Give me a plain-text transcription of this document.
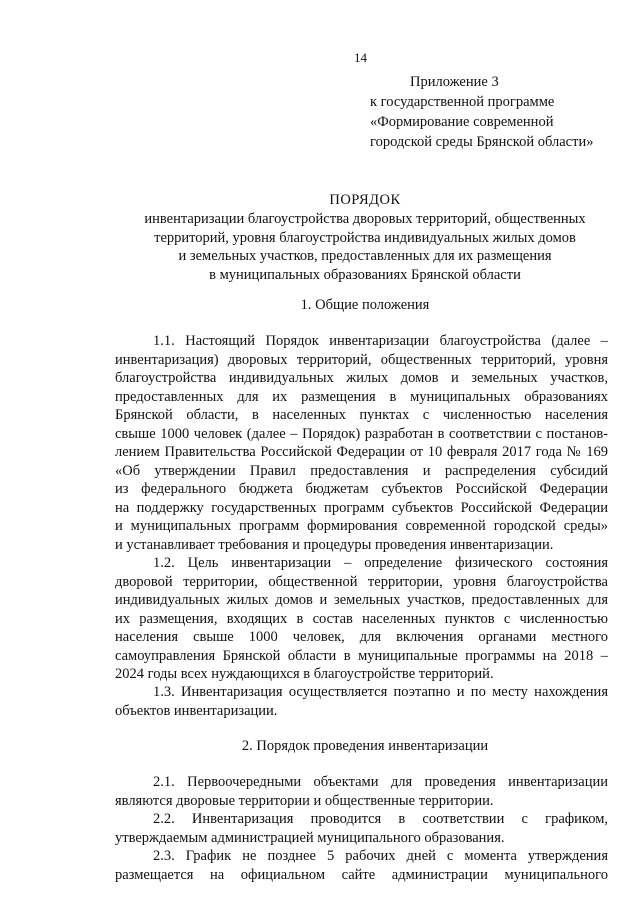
14
Приложение 3
к государственной программе
«Формирование современной
городской среды Брянской области»
ПОРЯДОК
инвентаризации благоустройства дворовых территорий, общественных
территорий, уровня благоустройства индивидуальных жилых домов
и земельных участков, предоставленных для их размещения
в муниципальных образованиях Брянской области
1. Общие положения
1.1. Настоящий Порядок инвентаризации благоустройства (далее –
инвентаризация) дворовых территорий, общественных территорий, уровня
благоустройства индивидуальных жилых домов и земельных участков,
предоставленных для их размещения в муниципальных образованиях
Брянской области, в населенных пунктах с численностью населения
свыше 1000 человек (далее – Порядок) разработан в соответствии с постанов-
лением Правительства Российской Федерации от 10 февраля 2017 года № 169
«Об утверждении Правил предоставления и распределения субсидий
из федерального бюджета бюджетам субъектов Российской Федерации
на поддержку государственных программ субъектов Российской Федерации
и муниципальных программ формирования современной городской среды»
и устанавливает требования и процедуры проведения инвентаризации.
1.2. Цель инвентаризации – определение физического состояния
дворовой территории, общественной территории, уровня благоустройства
индивидуальных жилых домов и земельных участков, предоставленных для
их размещения, входящих в состав населенных пунктов с численностью
населения свыше 1000 человек, для включения органами местного
самоуправления Брянской области в муниципальные программы на 2018 –
2024 годы всех нуждающихся в благоустройстве территорий.
1.3. Инвентаризация осуществляется поэтапно и по месту нахождения
объектов инвентаризации.
2. Порядок проведения инвентаризации
2.1. Первоочередными объектами для проведения инвентаризации
являются дворовые территории и общественные территории.
2.2. Инвентаризация проводится в соответствии с графиком,
утверждаемым администрацией муниципального образования.
2.3. График не позднее 5 рабочих дней с момента утверждения
размещается на официальном сайте администрации муниципального
